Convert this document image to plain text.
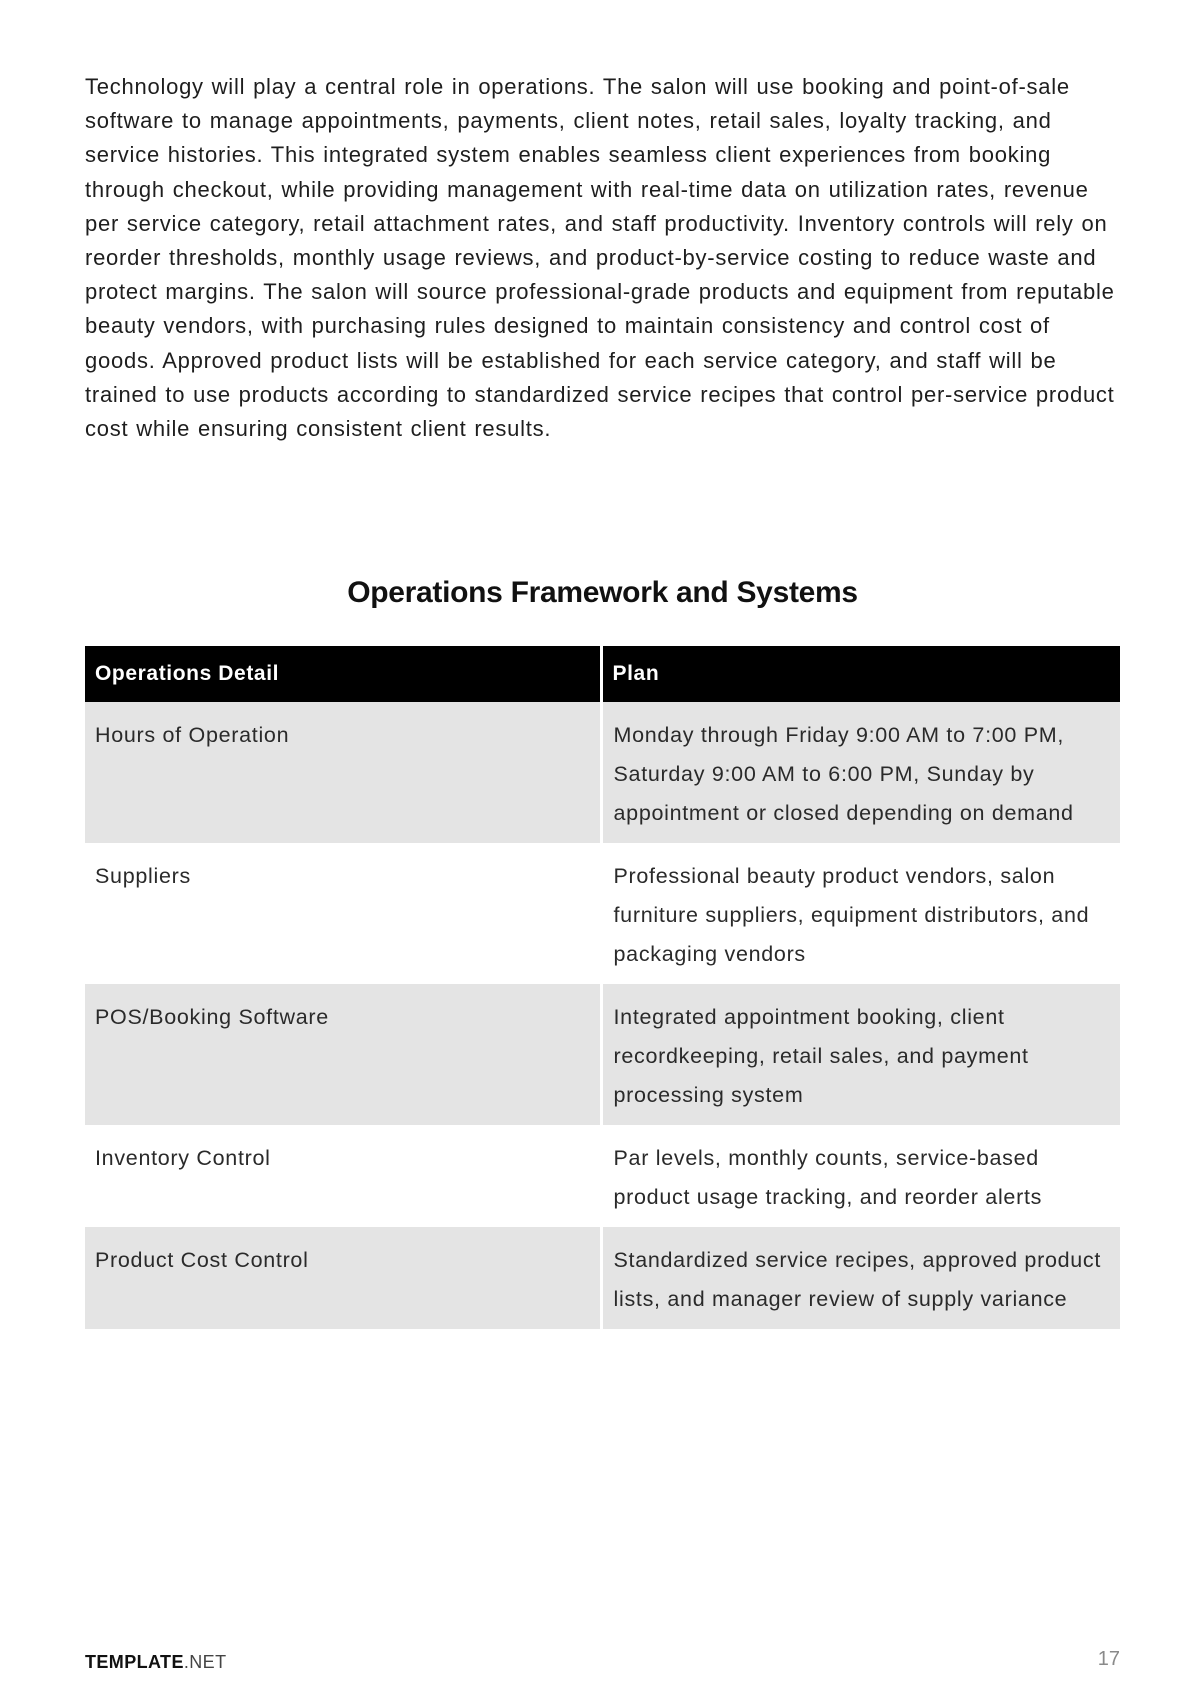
Technology will play a central role in operations. The salon will use booking and point-of-sale software to manage appointments, payments, client notes, retail sales, loyalty tracking, and service histories. This integrated system enables seamless client experiences from booking through checkout, while providing management with real-time data on utilization rates, revenue per service category, retail attachment rates, and staff productivity. Inventory controls will rely on reorder thresholds, monthly usage reviews, and product-by-service costing to reduce waste and protect margins. The salon will source professional-grade products and equipment from reputable beauty vendors, with purchasing rules designed to maintain consistency and control cost of goods. Approved product lists will be established for each service category, and staff will be trained to use products according to standardized service recipes that control per-service product cost while ensuring consistent client results.

Operations Framework and Systems
Operations Detail	Plan
Hours of Operation	Monday through Friday 9:00 AM to 7:00 PM, Saturday 9:00 AM to 6:00 PM, Sunday by appointment or closed depending on demand
Suppliers	Professional beauty product vendors, salon furniture suppliers, equipment distributors, and packaging vendors
POS/Booking Software	Integrated appointment booking, client recordkeeping, retail sales, and payment processing system
Inventory Control	Par levels, monthly counts, service-based product usage tracking, and reorder alerts
Product Cost Control	Standardized service recipes, approved product lists, and manager review of supply variance
TEMPLATE.NET	17
